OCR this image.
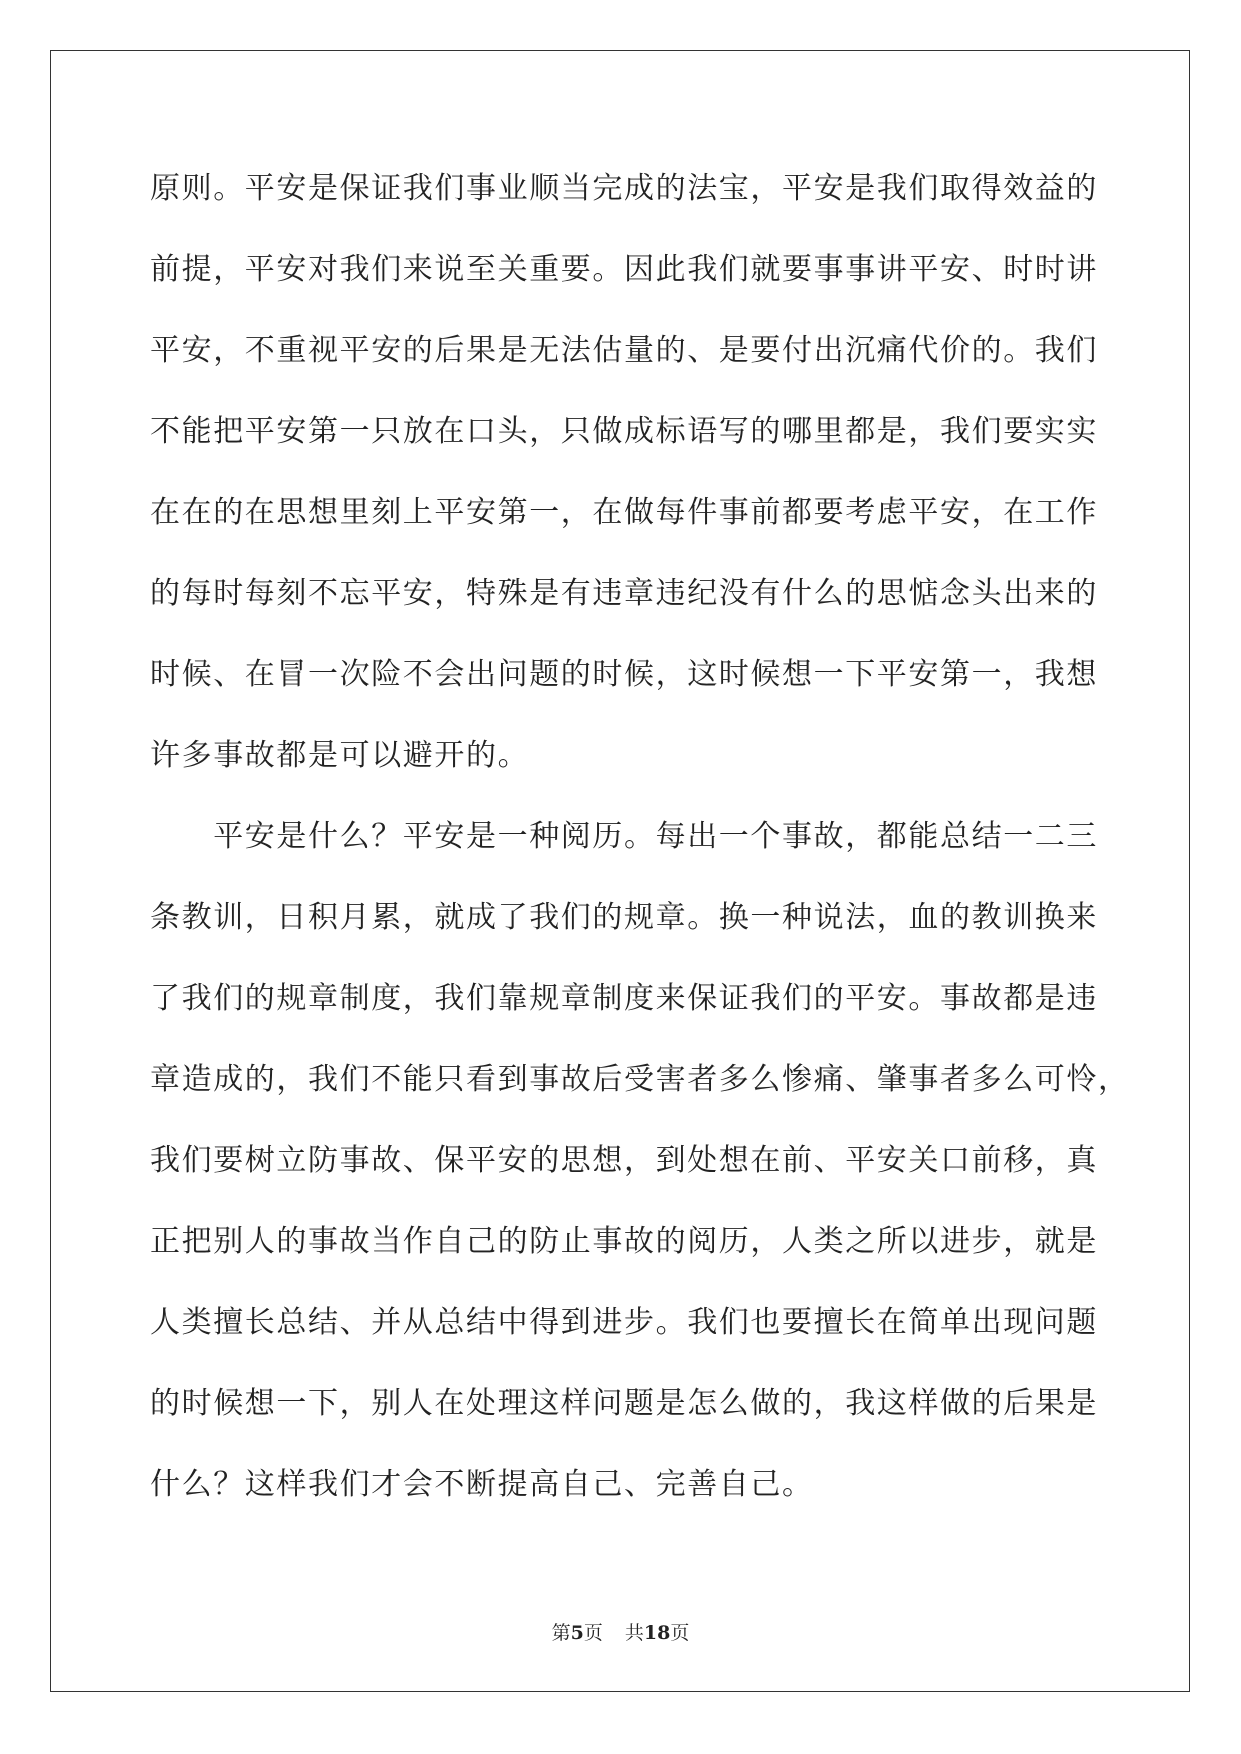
原则。平安是保证我们事业顺当完成的法宝，平安是我们取得效益的
前提，平安对我们来说至关重要。因此我们就要事事讲平安、时时讲
平安，不重视平安的后果是无法估量的、是要付出沉痛代价的。我们
不能把平安第一只放在口头，只做成标语写的哪里都是，我们要实实
在在的在思想里刻上平安第一，在做每件事前都要考虑平安，在工作
的每时每刻不忘平安，特殊是有违章违纪没有什么的思惦念头出来的
时候、在冒一次险不会出问题的时候，这时候想一下平安第一，我想
许多事故都是可以避开的。
　　平安是什么？平安是一种阅历。每出一个事故，都能总结一二三
条教训，日积月累，就成了我们的规章。换一种说法，血的教训换来
了我们的规章制度，我们靠规章制度来保证我们的平安。事故都是违
章造成的，我们不能只看到事故后受害者多么惨痛、肇事者多么可怜，
我们要树立防事故、保平安的思想，到处想在前、平安关口前移，真
正把别人的事故当作自己的防止事故的阅历，人类之所以进步，就是
人类擅长总结、并从总结中得到进步。我们也要擅长在简单出现问题
的时候想一下，别人在处理这样问题是怎么做的，我这样做的后果是
什么？这样我们才会不断提高自己、完善自己。
第5页 共18页
